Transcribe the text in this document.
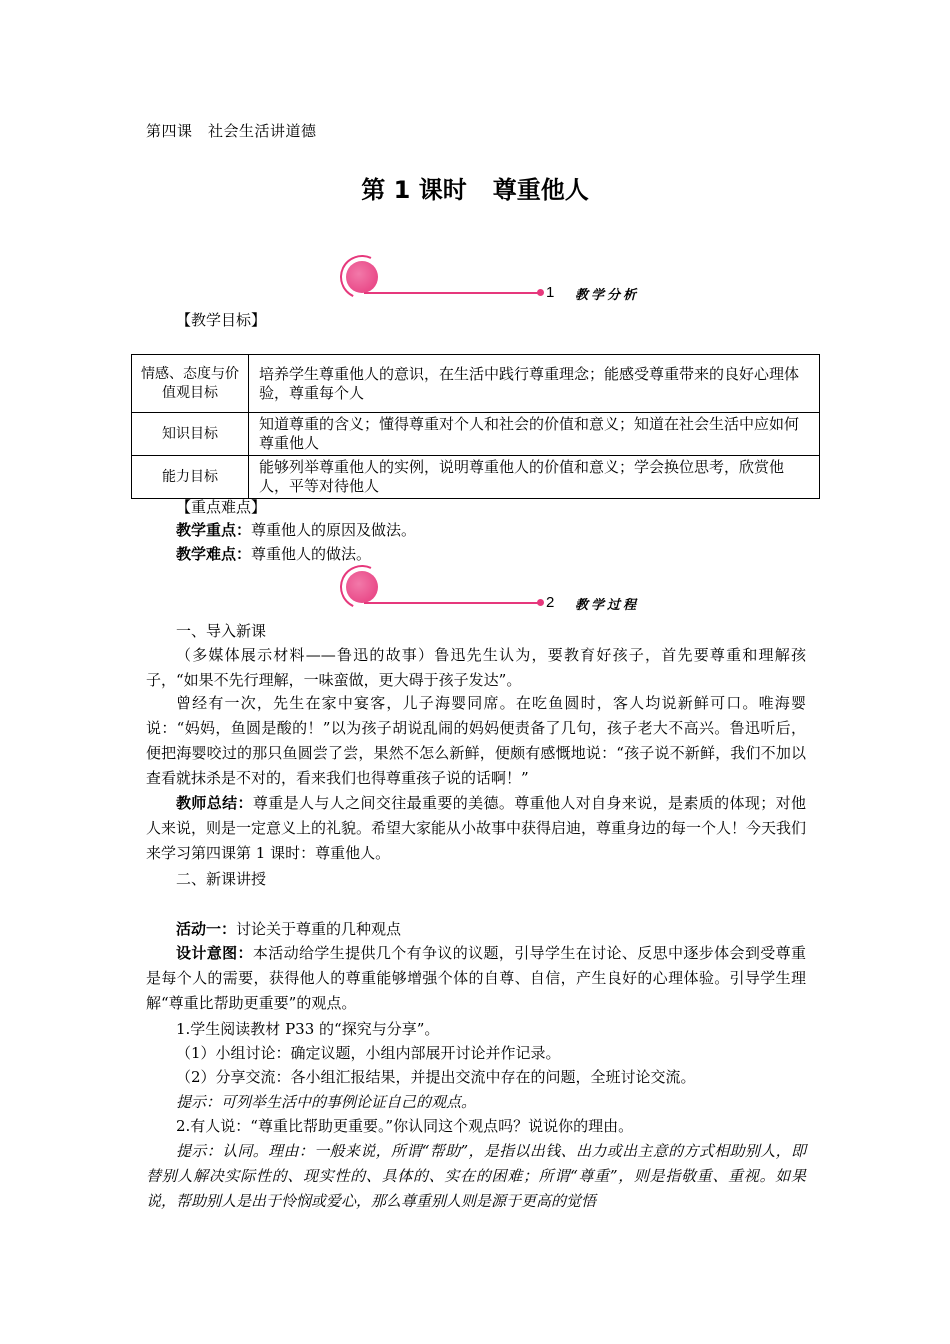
第四课　社会生活讲道德
第 1 课时 尊重他人
1 教学分析
【教学目标】
情感、态度与价值观目标	培养学生尊重他人的意识，在生活中践行尊重理念；能感受尊重带来的良好心理体验，尊重每个人
知识目标	知道尊重的含义；懂得尊重对个人和社会的价值和意义；知道在社会生活中应如何尊重他人
能力目标	能够列举尊重他人的实例，说明尊重他人的价值和意义；学会换位思考，欣赏他人，平等对待他人
【重点难点】
教学重点：尊重他人的原因及做法。
教学难点：尊重他人的做法。
2 教学过程
一、导入新课
（多媒体展示材料——鲁迅的故事）鲁迅先生认为，要教育好孩子，首先要尊重和理解孩子，“如果不先行理解，一味蛮做，更大碍于孩子发达”。
曾经有一次，先生在家中宴客，儿子海婴同席。在吃鱼圆时，客人均说新鲜可口。唯海婴说：“妈妈，鱼圆是酸的！”以为孩子胡说乱闹的妈妈便责备了几句，孩子老大不高兴。鲁迅听后，便把海婴咬过的那只鱼圆尝了尝，果然不怎么新鲜，便颇有感慨地说：“孩子说不新鲜，我们不加以查看就抹杀是不对的，看来我们也得尊重孩子说的话啊！”
教师总结：尊重是人与人之间交往最重要的美德。尊重他人对自身来说，是素质的体现；对他人来说，则是一定意义上的礼貌。希望大家能从小故事中获得启迪，尊重身边的每一个人！今天我们来学习第四课第 1 课时：尊重他人。
二、新课讲授
活动一：讨论关于尊重的几种观点
设计意图：本活动给学生提供几个有争议的议题，引导学生在讨论、反思中逐步体会到受尊重是每个人的需要，获得他人的尊重能够增强个体的自尊、自信，产生良好的心理体验。引导学生理解“尊重比帮助更重要”的观点。
1.学生阅读教材 P33 的“探究与分享”。
（1）小组讨论：确定议题，小组内部展开讨论并作记录。
（2）分享交流：各小组汇报结果，并提出交流中存在的问题，全班讨论交流。
提示：可列举生活中的事例论证自己的观点。
2.有人说：“尊重比帮助更重要。”你认同这个观点吗？说说你的理由。
提示：认同。理由：一般来说，所谓“帮助”，是指以出钱、出力或出主意的方式相助别人，即替别人解决实际性的、现实性的、具体的、实在的困难；所谓“尊重”，则是指敬重、重视。如果说，帮助别人是出于怜悯或爱心，那么尊重别人则是源于更高的觉悟
